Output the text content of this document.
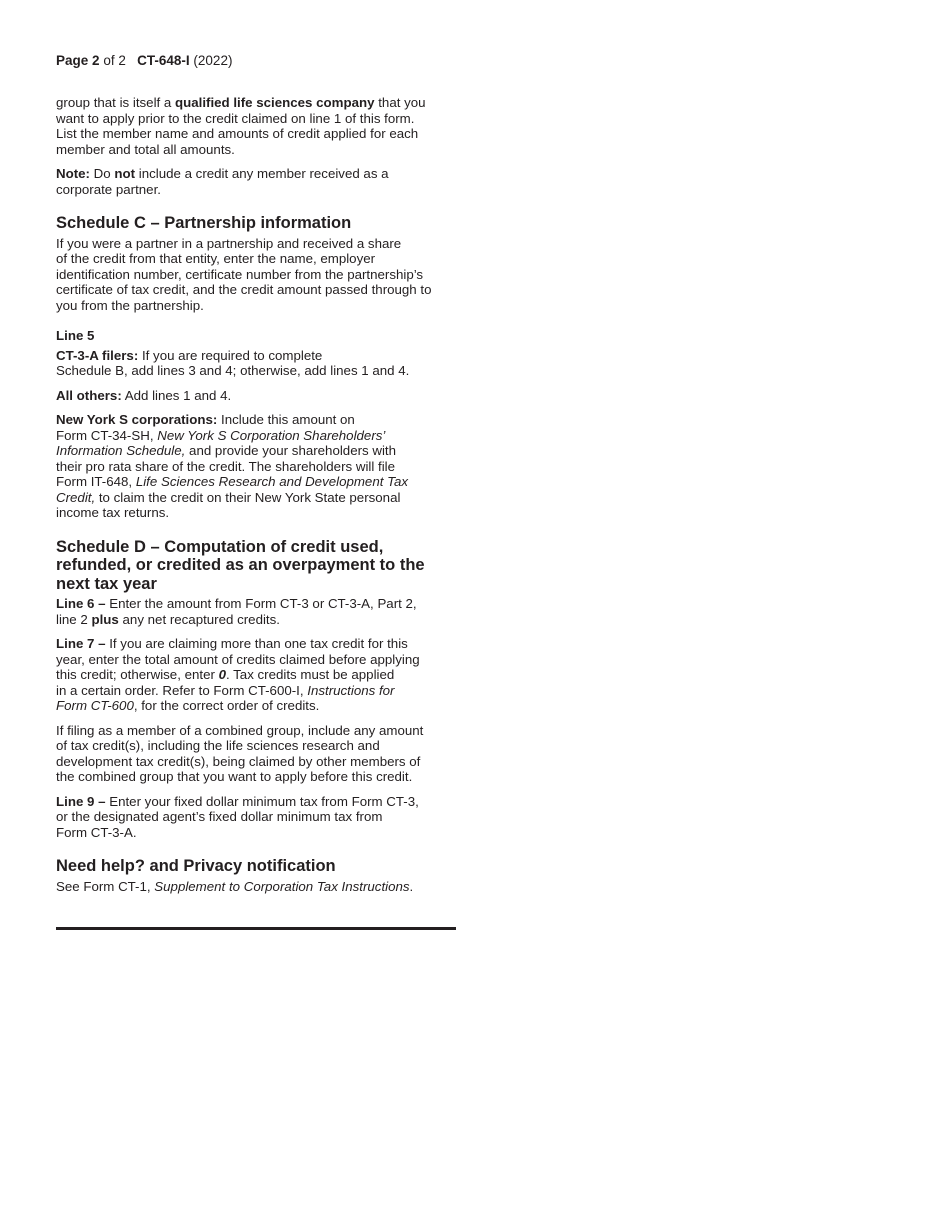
Page 2 of 2 CT-648-I (2022)

group that is itself a qualified life sciences company that you
want to apply prior to the credit claimed on line 1 of this form.
List the member name and amounts of credit applied for each
member and total all amounts.

Note: Do not include a credit any member received as a
corporate partner.

Schedule C – Partnership information

If you were a partner in a partnership and received a share
of the credit from that entity, enter the name, employer
identification number, certificate number from the partnership’s
certificate of tax credit, and the credit amount passed through to
you from the partnership.

Line 5

CT-3-A filers: If you are required to complete
Schedule B, add lines 3 and 4; otherwise, add lines 1 and 4.

All others: Add lines 1 and 4.

New York S corporations: Include this amount on
Form CT-34-SH, New York S Corporation Shareholders’
Information Schedule, and provide your shareholders with
their pro rata share of the credit. The shareholders will file
Form IT-648, Life Sciences Research and Development Tax
Credit, to claim the credit on their New York State personal
income tax returns.

Schedule D – Computation of credit used,
refunded, or credited as an overpayment to the
next tax year

Line 6 – Enter the amount from Form CT-3 or CT-3-A, Part 2,
line 2 plus any net recaptured credits.

Line 7 – If you are claiming more than one tax credit for this
year, enter the total amount of credits claimed before applying
this credit; otherwise, enter 0. Tax credits must be applied
in a certain order. Refer to Form CT-600-I, Instructions for
Form CT-600, for the correct order of credits.

If filing as a member of a combined group, include any amount
of tax credit(s), including the life sciences research and
development tax credit(s), being claimed by other members of
the combined group that you want to apply before this credit.

Line 9 – Enter your fixed dollar minimum tax from Form CT-3,
or the designated agent’s fixed dollar minimum tax from
Form CT-3-A.

Need help? and Privacy notification

See Form CT-1, Supplement to Corporation Tax Instructions.
